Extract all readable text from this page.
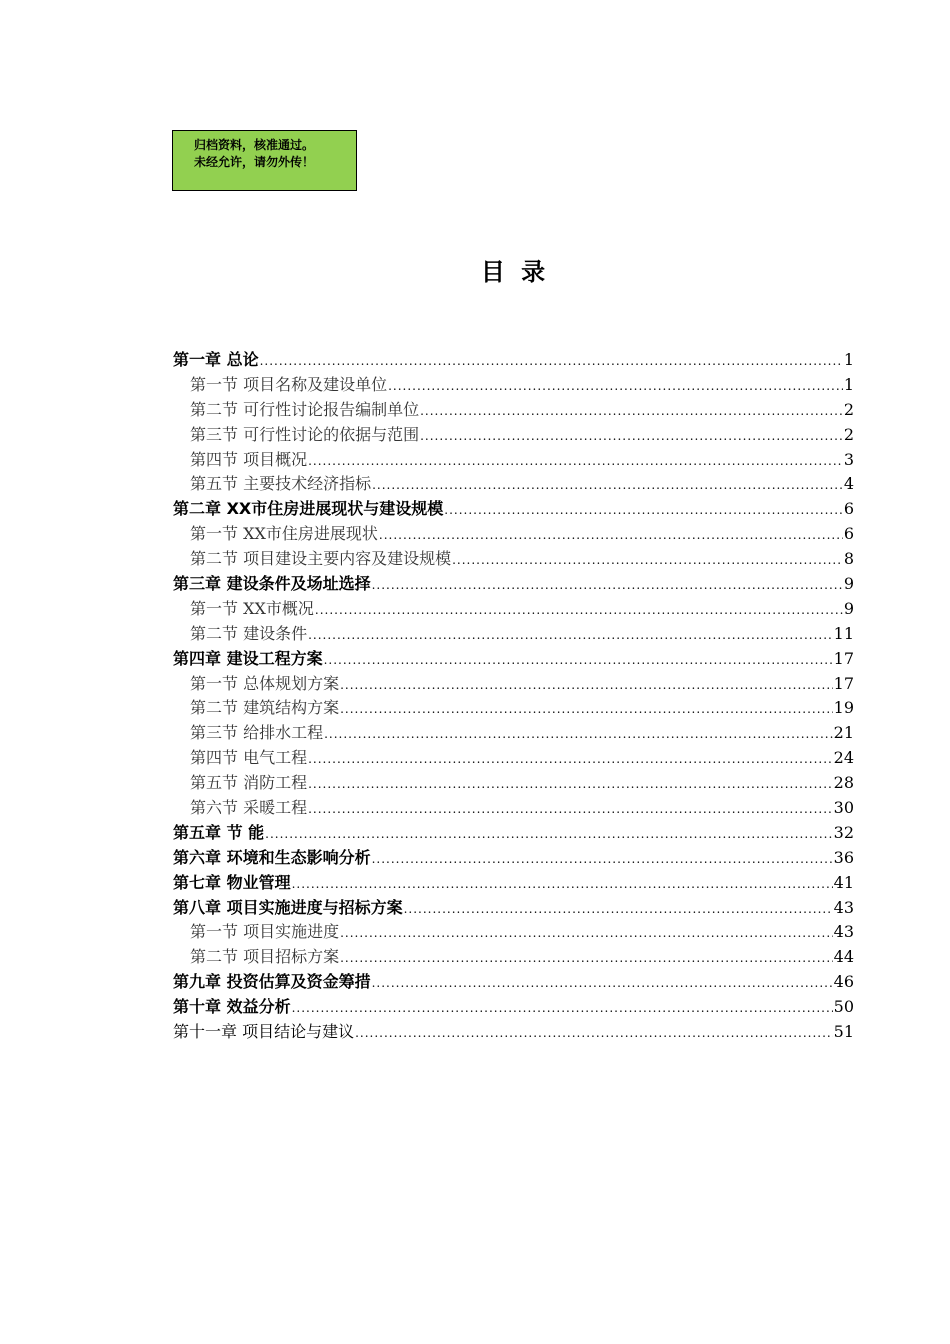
归档资料，核准通过。
未经允许，请勿外传！
目 录
第一章 总论 .....	1
第一节 项目名称及建设单位 .....	1
第二节 可行性讨论报告编制单位 .....	2
第三节 可行性讨论的依据与范围 .....	2
第四节 项目概况 .....	3
第五节 主要技术经济指标 .....	4
第二章 XX市住房进展现状与建设规模 .....	6
第一节 XX市住房进展现状 .....	6
第二节 项目建设主要内容及建设规模 .....	8
第三章 建设条件及场址选择 .....	9
第一节 XX市概况 .....	9
第二节 建设条件 .....	11
第四章 建设工程方案 .....	17
第一节 总体规划方案 .....	17
第二节 建筑结构方案 .....	19
第三节 给排水工程 .....	21
第四节 电气工程 .....	24
第五节 消防工程 .....	28
第六节 采暖工程 .....	30
第五章 节 能 .....	32
第六章 环境和生态影响分析 .....	36
第七章 物业管理 .....	41
第八章 项目实施进度与招标方案 .....	43
第一节 项目实施进度 .....	43
第二节 项目招标方案 .....	44
第九章 投资估算及资金筹措 .....	46
第十章 效益分析 .....	50
第十一章 项目结论与建议 .....	51
